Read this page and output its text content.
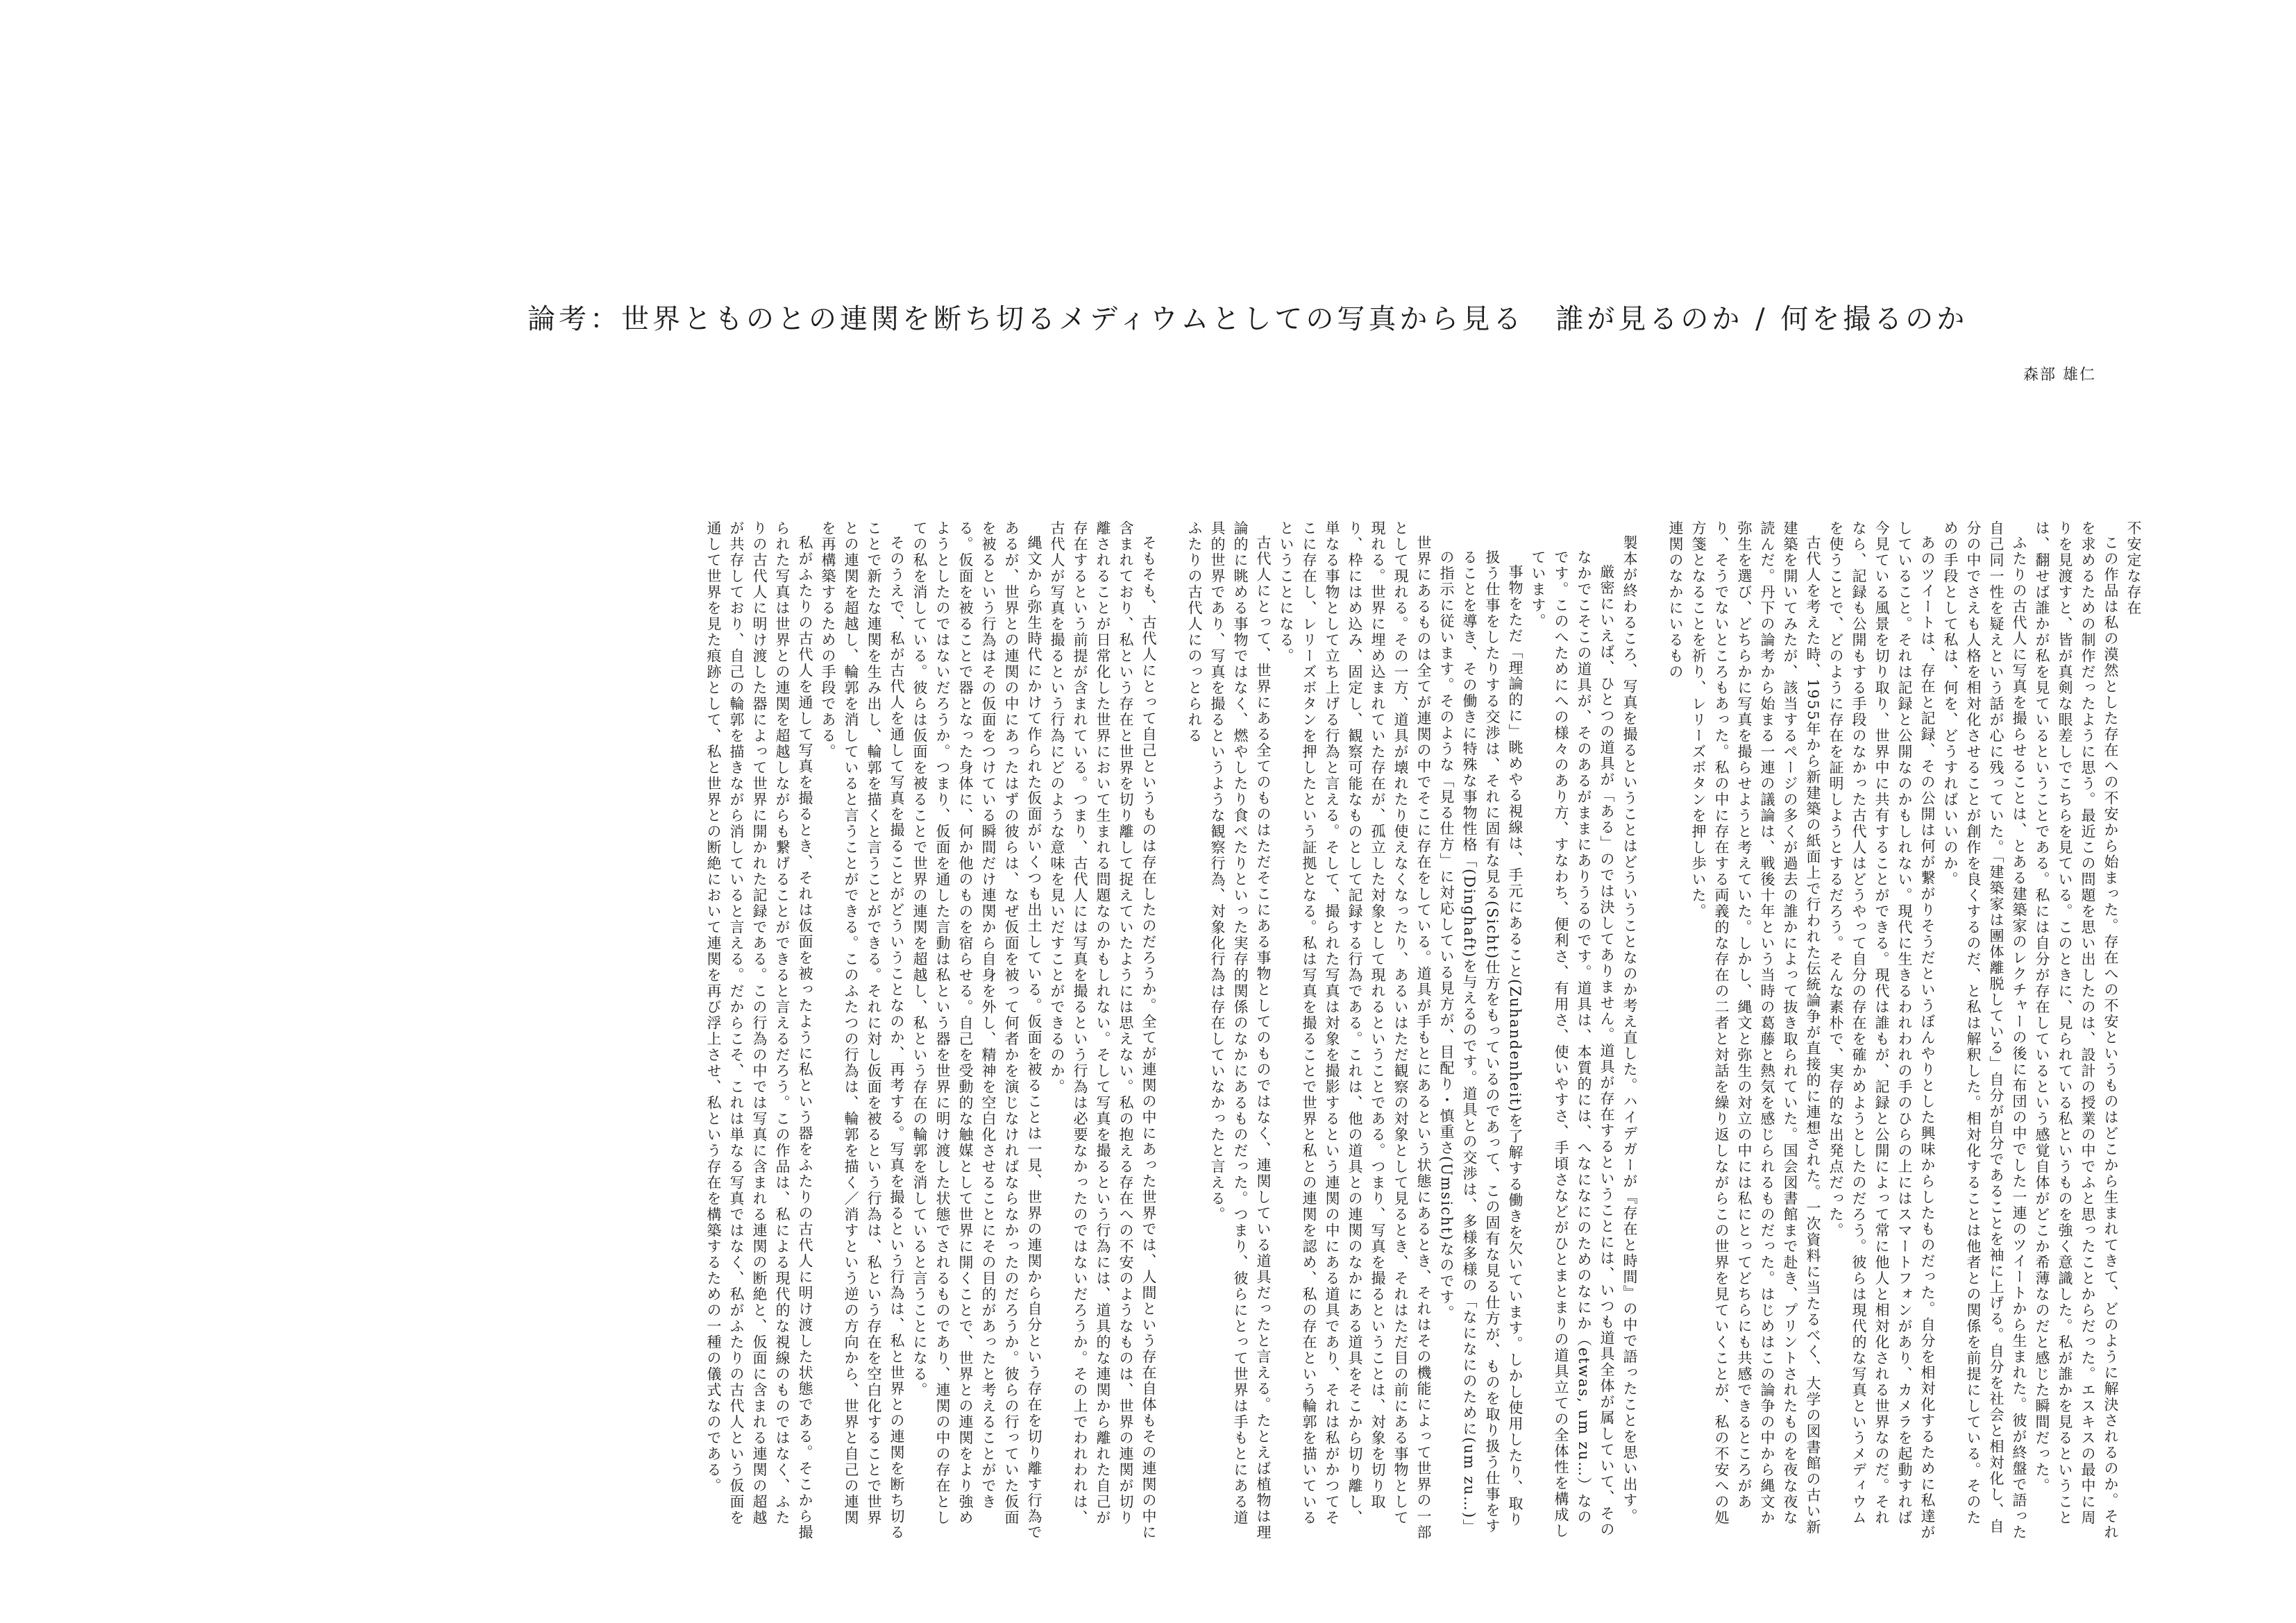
論考：世界とものとの連関を断ち切るメディウムとしての写真から見る　誰が見るのか / 何を撮るのか
森部 雄仁

不安定な存在

この作品は私の漠然とした存在への不安から始まった。存在への不安というものはどこから生まれてきて、どのように解決されるのか。それを求めるための制作だったように思う。最近この問題を思い出したのは、設計の授業の中でふと思ったことからだった。エスキスの最中に周りを見渡すと、皆が真剣な眼差しでこちらを見ている。このときに、見られている私というものを強く意識した。私が誰かを見るということは、翻せば誰かが私を見ているということである。私には自分が存在しているという感覚自体がどこか希薄なのだと感じた瞬間だった。

ふたりの古代人に写真を撮らせることは、とある建築家のレクチャーの後に布団の中でした一連のツイートから生まれた。彼が終盤で語った自己同一性を疑えという話が心に残っていた。「建築家は團体離脱している」自分が自分であることを袖に上げる。自分を社会と相対化し、自分の中でさえも人格を相対化させることが創作を良くするのだ、と私は解釈した。相対化することは他者との関係を前提にしている。そのための手段として私は、何を、どうすればいいのか。

あのツイートは、存在と記録、その公開は何が繋がりそうだというぼんやりとした興味からしたものだった。自分を相対化するために私達がしていること。それは記録と公開なのかもしれない。現代に生きるわれわれの手のひらの上にはスマートフォンがあり、カメラを起動すれば今見ている風景を切り取り、世界中に共有することができる。現代は誰もが、記録と公開によって常に他人と相対化される世界なのだ。それなら、記録も公開もする手段のなかった古代人はどうやって自分の存在を確かめようとしたのだろう。彼らは現代的な写真というメディウムを使うことで、どのように存在を証明しようとするだろう。そんな素朴で、実存的な出発点だった。

古代人を考えた時、1955年から新建築の紙面上で行われた伝統論争が直接的に連想された。一次資料に当たるべく、大学の図書館の古い新建築を開いてみたが、該当するページの多くが過去の誰かによって抜き取られていた。国会図書館まで赴き、プリントされたものを夜な夜な読んだ。丹下の論考から始まる一連の議論は、戦後十年という当時の葛藤と熱気を感じられるものだった。はじめはこの論争の中から縄文か弥生を選び、どちらかに写真を撮らせようと考えていた。しかし、縄文と弥生の対立の中には私にとってどちらにも共感できるところがあり、そうでないところもあった。私の中に存在する両義的な存在の二者と対話を繰り返しながらこの世界を見ていくことが、私の不安への処方箋となることを祈り、レリーズボタンを押し歩いた。

連関のなかにいるもの

製本が終わるころ、写真を撮るということはどういうことなのか考え直した。ハイデガーが『存在と時間』の中で語ったことを思い出す。

厳密にいえば、ひとつの道具が「ある」のでは決してありません。道具が存在するということには、いつも道具全体が属していて、そのなかでこそこの道具が、そのあるがままにありうるのです。道具は、本質的には、へなになにのためのなにか（etwas, um zu…）なのです。このへためにへの様々のあり方、すなわち、便利さ、有用さ、使いやすさ、手頃さなどがひとまとまりの道具立ての全体性を構成しています。

事物をただ「理論的に」眺めやる視線は、手元にあること(Zuhandenheit)を了解する働きを欠いています。しかし使用したり、取り扱う仕事をしたりする交渉は、それに固有な見る(Sicht)仕方をもっているのであって、この固有な見る仕方が、ものを取り扱う仕事をすることを導き、その働きに特殊な事物性格「(Dinghaft)を与えるのです。道具との交渉は、多様多様の「なになにのために(um zu…)」の指示に従います。そのような「見る仕方」に対応している見方が、目配り・慎重さ(Umsicht)なのです。

世界にあるものは全てが連関の中でそこに存在をしている。道具が手もとにあるという状態にあるとき、それはその機能によって世界の一部として現れる。その一方、道具が壊れたり使えなくなったり、あるいはただ観察の対象として見るとき、それはただ目の前にある事物として現れる。世界に埋め込まれていた存在が、孤立した対象として現れるということである。つまり、写真を撮るということは、対象を切り取り、枠にはめ込み、固定し、観察可能なものとして記録する行為である。これは、他の道具との連関のなかにある道具をそこから切り離し、単なる事物として立ち上げる行為と言える。そして、撮られた写真は対象を撮影するという連関の中にある道具であり、それは私がかつてそこに存在し、レリーズボタンを押したという証拠となる。私は写真を撮ることで世界と私との連関を認め、私の存在という輪郭を描いているということになる。

古代人にとって、世界にある全てのものはただそこにある事物としてのものではなく、連関している道具だったと言える。たとえば植物は理論的に眺める事物ではなく、燃やしたり食べたりといった実存的関係のなかにあるものだった。つまり、彼らにとって世界は手もとにある道具的世界であり、写真を撮るというような観察行為、対象化行為は存在していなかったと言える。

ふたりの古代人にのっとられる

そもそも、古代人にとって自己というものは存在したのだろうか。全てが連関の中にあった世界では、人間という存在自体もその連関の中に含まれており、私という存在と世界を切り離して捉えていたようには思えない。私の抱える存在への不安のようなものは、世界の連関が切り離されることが日常化した世界において生まれる問題なのかもしれない。そして写真を撮るという行為には、道具的な連関から離れた自己が存在するという前提が含まれている。つまり、古代人には写真を撮るという行為は必要なかったのではないだろうか。その上でわれわれは、古代人が写真を撮るという行為にどのような意味を見いだすことができるのか。

縄文から弥生時代にかけて作られた仮面がいくつも出土している。仮面を被ることは一見、世界の連関から自分という存在を切り離す行為であるが、世界との連関の中にあったはずの彼らは、なぜ仮面を被って何者かを演じなければならなかったのだろうか。彼らの行っていた仮面を被るという行為はその仮面をつけている瞬間だけ連関から自身を外し、精神を空白化させることにその目的があったと考えることができる。仮面を被ることで器となった身体に、何か他のものを宿らせる。自己を受動的な触媒として世界に開くことで、世界との連関をより強めようとしたのではないだろうか。つまり、仮面を通した言動は私という器を世界に明け渡した状態でされるものであり、連関の中の存在としての私を消している。彼らは仮面を被ることで世界の連関を超越し、私という存在の輪郭を消していると言うことになる。

そのうえで、私が古代人を通して写真を撮ることがどういうことなのか、再考する。写真を撮るという行為は、私と世界との連関を断ち切ることで新たな連関を生み出し、輪郭を描くと言うことができる。それに対し仮面を被るという行為は、私という存在を空白化することで世界との連関を超越し、輪郭を消していると言うことができる。このふたつの行為は、輪郭を描く／消すという逆の方向から、世界と自己の連関を再構築するための手段である。

私がふたりの古代人を通して写真を撮るとき、それは仮面を被ったように私という器をふたりの古代人に明け渡した状態である。そこから撮られた写真は世界との連関を超越しながらも繋げることができると言えるだろう。この作品は、私による現代的な視線のものではなく、ふたりの古代人に明け渡した器によって世界に開かれた記録である。この行為の中では写真に含まれる連関の断絶と、仮面に含まれる連関の超越が共存しており、自己の輪郭を描きながら消していると言える。だからこそ、これは単なる写真ではなく、私がふたりの古代人という仮面を通して世界を見た痕跡として、私と世界との断絶において連関を再び浮上させ、私という存在を構築するための一種の儀式なのである。
